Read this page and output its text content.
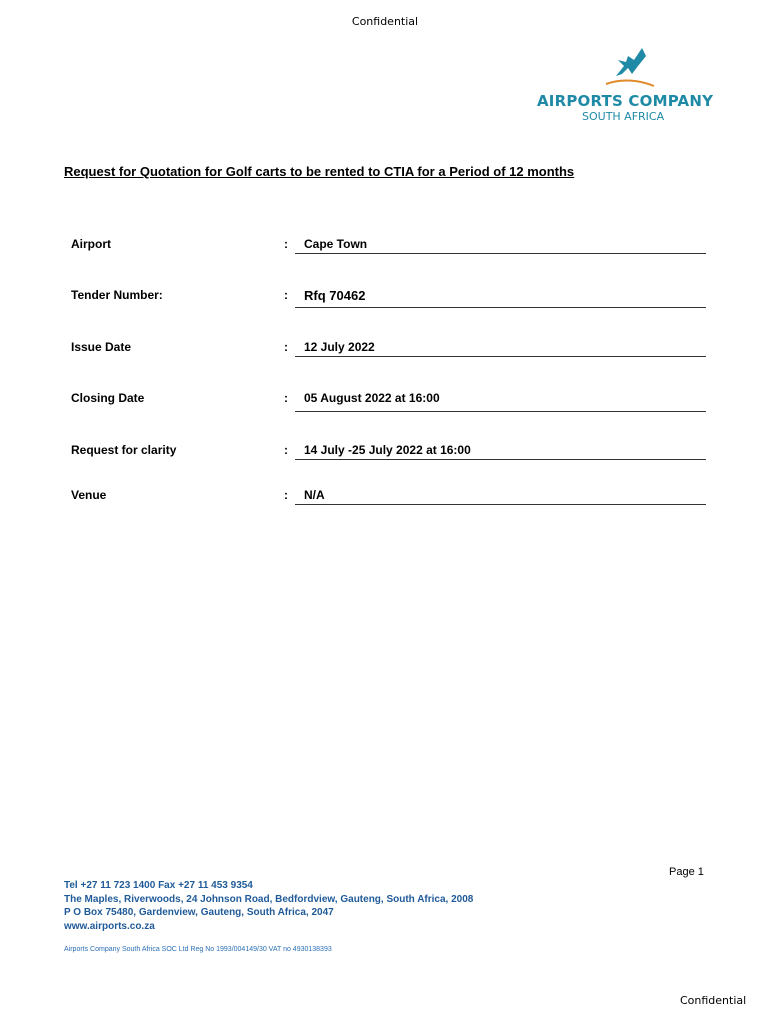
Confidential
AIRPORTS COMPANY
SOUTH AFRICA
Request for Quotation for Golf carts to be rented to CTIA for a Period of 12 months
Airport	:	Cape Town
Tender Number:	:	Rfq 70462
Issue Date	:	12 July 2022
Closing Date	:	05 August 2022 at 16:00
Request for clarity	:	14 July -25 July 2022 at 16:00
Venue	:	N/A
Page 1
Tel +27 11 723 1400 Fax +27 11 453 9354
The Maples, Riverwoods, 24 Johnson Road, Bedfordview, Gauteng, South Africa, 2008
P O Box 75480, Gardenview, Gauteng, South Africa, 2047
www.airports.co.za
Airports Company South Africa SOC Ltd Reg No 1993/004149/30 VAT no 4930138393
Confidential
